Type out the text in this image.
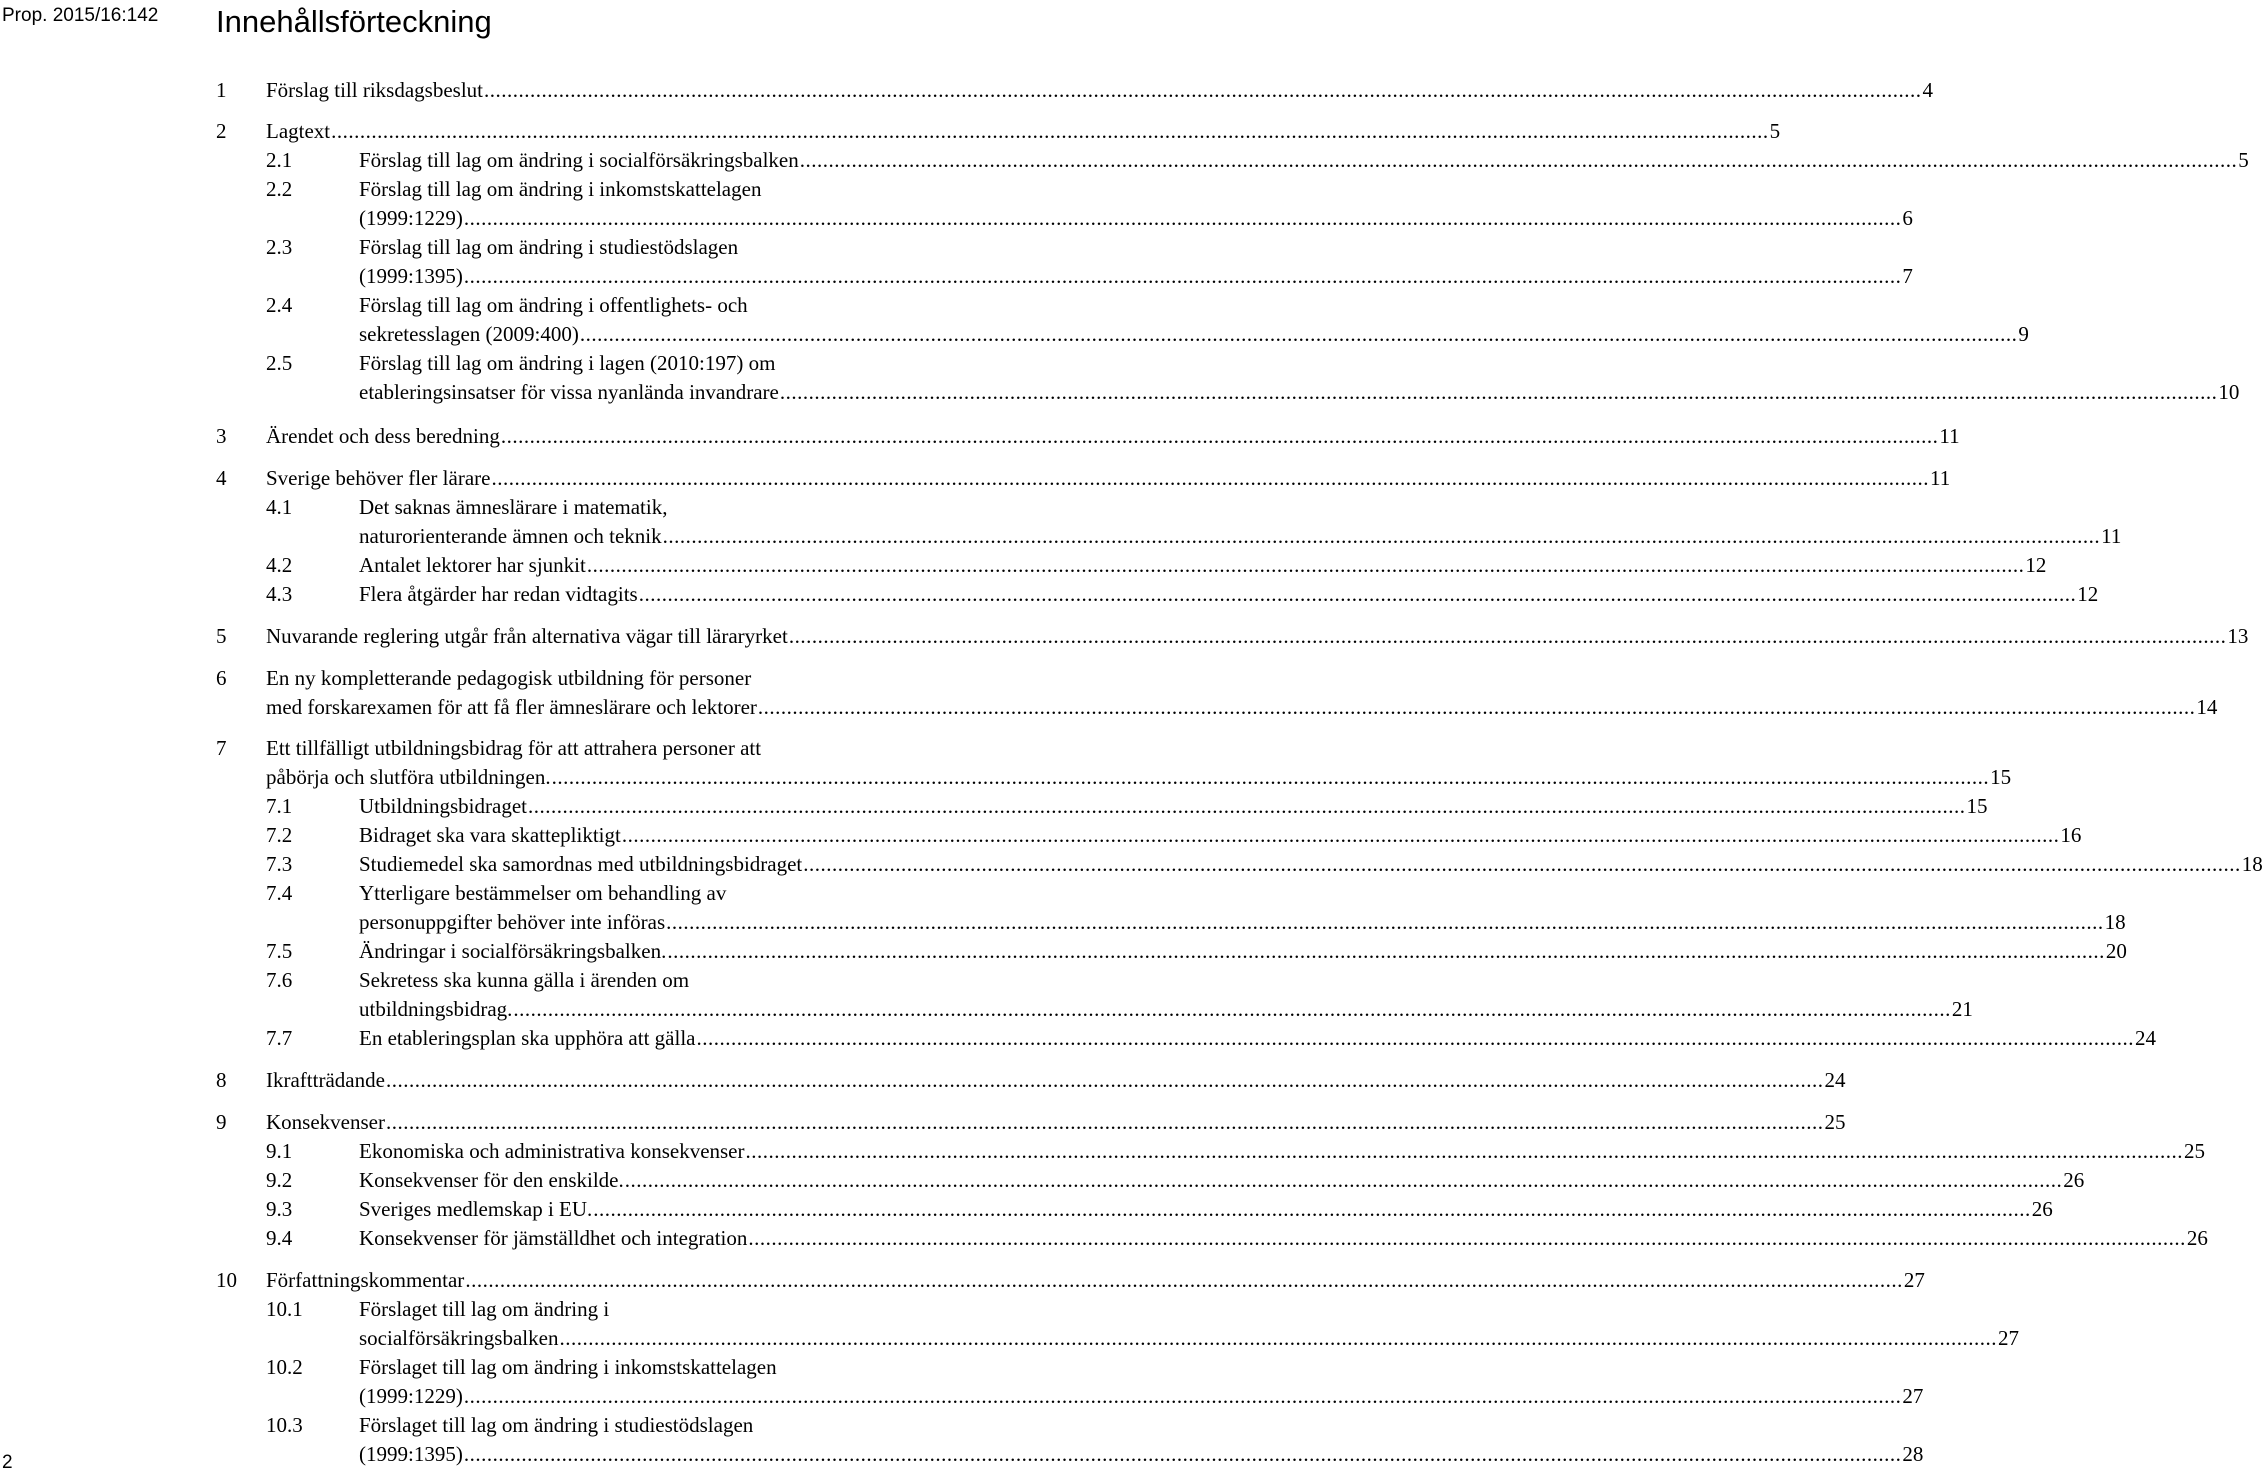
Prop. 2015/16:142 Innehållsförteckning
1 Förslag till riksdagsbeslut .......................................................................................................................................................................................................................................................... 4
2 Lagtext .......................................................................................................................................................................................................................................................... 5
2.1	Förslag till lag om ändring i socialförsäkringsbalken .......................................................................................................................................................................................................................................................... 5
2.2	Förslag till lag om ändring i inkomstskattelagen
(1999:1229) .......................................................................................................................................................................................................................................................... 6
2.3	Förslag till lag om ändring i studiestödslagen
(1999:1395) .......................................................................................................................................................................................................................................................... 7
2.4	Förslag till lag om ändring i offentlighets- och
sekretesslagen (2009:400) .......................................................................................................................................................................................................................................................... 9
2.5	Förslag till lag om ändring i lagen (2010:197) om
etableringsinsatser för vissa nyanlända invandrare .......................................................................................................................................................................................................................................................... 10
3 Ärendet och dess beredning .......................................................................................................................................................................................................................................................... 11
4 Sverige behöver fler lärare .......................................................................................................................................................................................................................................................... 11
4.1	Det saknas ämneslärare i matematik,
naturorienterande ämnen och teknik .......................................................................................................................................................................................................................................................... 11
4.2	Antalet lektorer har sjunkit .......................................................................................................................................................................................................................................................... 12
4.3	Flera åtgärder har redan vidtagits .......................................................................................................................................................................................................................................................... 12
5 Nuvarande reglering utgår från alternativa vägar till läraryrket .......................................................................................................................................................................................................................................................... 13
6 En ny kompletterande pedagogisk utbildning för personer
med forskarexamen för att få fler ämneslärare och lektorer .......................................................................................................................................................................................................................................................... 14
7 Ett tillfälligt utbildningsbidrag för att attrahera personer att
påbörja och slutföra utbildningen. .......................................................................................................................................................................................................................................................... 15
7.1	Utbildningsbidraget .......................................................................................................................................................................................................................................................... 15
7.2	Bidraget ska vara skattepliktigt .......................................................................................................................................................................................................................................................... 16
7.3	Studiemedel ska samordnas med utbildningsbidraget .......................................................................................................................................................................................................................................................... 18
7.4	Ytterligare bestämmelser om behandling av
personuppgifter behöver inte införas .......................................................................................................................................................................................................................................................... 18
7.5	Ändringar i socialförsäkringsbalken. .......................................................................................................................................................................................................................................................... 20
7.6	Sekretess ska kunna gälla i ärenden om
utbildningsbidrag. .......................................................................................................................................................................................................................................................... 21
7.7	En etableringsplan ska upphöra att gälla .......................................................................................................................................................................................................................................................... 24
8 Ikraftträdande .......................................................................................................................................................................................................................................................... 24
9 Konsekvenser .......................................................................................................................................................................................................................................................... 25
9.1	Ekonomiska och administrativa konsekvenser .......................................................................................................................................................................................................................................................... 25
9.2	Konsekvenser för den enskilde. .......................................................................................................................................................................................................................................................... 26
9.3	Sveriges medlemskap i EU. .......................................................................................................................................................................................................................................................... 26
9.4	Konsekvenser för jämställdhet och integration .......................................................................................................................................................................................................................................................... 26
10 Författningskommentar .......................................................................................................................................................................................................................................................... 27
10.1	Förslaget till lag om ändring i
socialförsäkringsbalken .......................................................................................................................................................................................................................................................... 27
10.2	Förslaget till lag om ändring i inkomstskattelagen
(1999:1229) .......................................................................................................................................................................................................................................................... 27
10.3	Förslaget till lag om ändring i studiestödslagen
(1999:1395) .......................................................................................................................................................................................................................................................... 28
2
